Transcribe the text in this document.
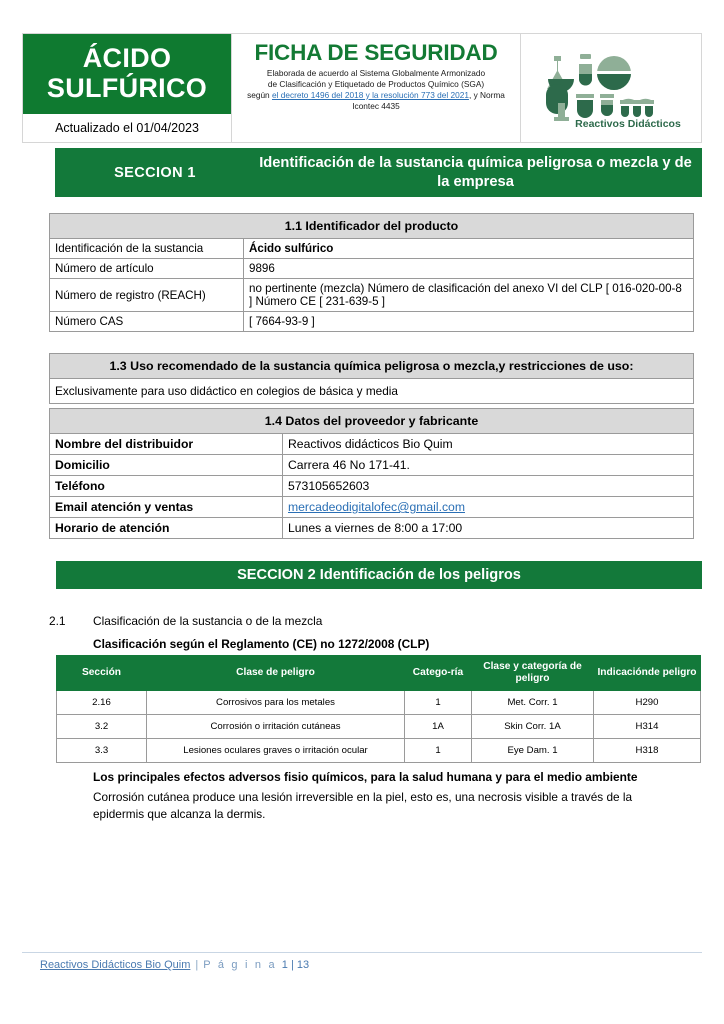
ÁCIDO
SULFÚRICO
Actualizado el 01/04/2023
FICHA DE SEGURIDAD
Elaborada de acuerdo al Sistema Globalmente Armonizado
de Clasificación y Etiquetado de Productos Químico (SGA)
según el decreto 1496 del 2018 y la resolución 773 del 2021, y Norma Icontec 4435
Reactivos Didácticos
SECCION 1
Identificación de la sustancia química peligrosa o mezcla y de la empresa
1.1 Identificador del producto	
Identificación de la sustancia	Ácido sulfúrico
Número de artículo	9896
Número de registro (REACH)	no pertinente (mezcla) Número de clasificación del anexo VI del CLP [ 016-020-00-8 ] Número CE [ 231-639-5 ]
Número CAS	[ 7664-93-9 ]
1.3 Uso recomendado de la sustancia química peligrosa o mezcla,y restricciones de uso:
Exclusivamente para uso didáctico en colegios de básica y media
1.4 Datos del proveedor y fabricante	
Nombre del distribuidor	Reactivos didácticos Bio Quim
Domicilio	Carrera 46 No 171-41.
Teléfono	573105652603
Email atención y ventas	mercadeodigitalofec@gmail.com
Horario de atención	Lunes a viernes de 8:00 a 17:00
SECCION 2 Identificación de los peligros
2.1 Clasificación de la sustancia o de la mezcla
Clasificación según el Reglamento (CE) no 1272/2008 (CLP)
Sección	Clase de peligro	Catego-ría	Clase y categoría de peligro	Indicaciónde peligro
2.16	Corrosivos para los metales	1	Met. Corr. 1	H290
3.2	Corrosión o irritación cutáneas	1A	Skin Corr. 1A	H314
3.3	Lesiones oculares graves o irritación ocular	1	Eye Dam. 1	H318
Los principales efectos adversos fisio químicos, para la salud humana y para el medio ambiente
Corrosión cutánea produce una lesión irreversible en la piel, esto es, una necrosis visible a través de la epidermis que alcanza la dermis.
Reactivos Didácticos Bio Quim | P á g i n a 1 | 13
